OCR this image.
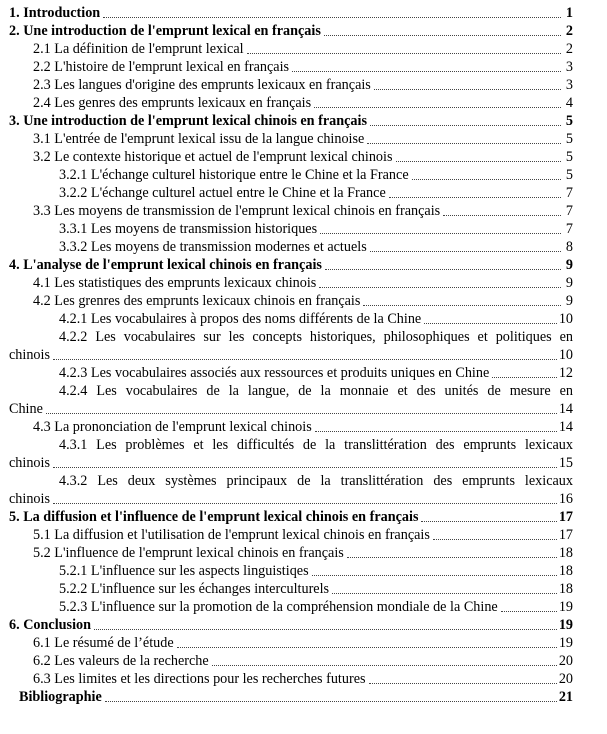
1. Introduction	1
2. Une introduction de l'emprunt lexical en français	2
2.1 La définition de l'emprunt lexical	2
2.2 L'histoire de l'emprunt lexical en français	3
2.3 Les langues d'origine des emprunts lexicaux en français	3
2.4 Les genres des emprunts lexicaux en français	4
3. Une introduction de l'emprunt lexical chinois en français	5
3.1 L'entrée de l'emprunt lexical issu de la langue chinoise	5
3.2 Le contexte historique et actuel de l'emprunt lexical chinois	5
3.2.1 L'échange culturel historique entre le Chine et la France	5
3.2.2 L'échange culturel actuel entre le Chine et la France	7
3.3 Les moyens de transmission de l'emprunt lexical chinois en français	7
3.3.1 Les moyens de transmission historiques	7
3.3.2 Les moyens de transmission modernes et actuels	8
4. L'analyse de l'emprunt lexical chinois en français	9
4.1 Les statistiques des emprunts lexicaux chinois	9
4.2 Les grenres des emprunts lexicaux chinois en français	9
4.2.1 Les vocabulaires à propos des noms différents de la Chine	10
4.2.2 Les vocabulaires sur les concepts historiques, philosophiques et politiques en
chinois	10
4.2.3 Les vocabulaires associés aux ressources et produits uniques en Chine	12
4.2.4 Les vocabulaires de la langue, de la monnaie et des unités de mesure en
Chine	14
4.3 La prononciation de l'emprunt lexical chinois	14
4.3.1 Les problèmes et les difficultés de la translittération des emprunts lexicaux
chinois	15
4.3.2 Les deux systèmes principaux de la translittération des emprunts lexicaux
chinois	16
5. La diffusion et l'influence de l'emprunt lexical chinois en français	17
5.1 La diffusion et l'utilisation de l'emprunt lexical chinois en français	17
5.2 L'influence de l'emprunt lexical chinois en français	18
5.2.1 L'influence sur les aspects linguistiqes	18
5.2.2 L'influence sur les échanges interculturels	18
5.2.3 L'influence sur la promotion de la compréhension mondiale de la Chine	19
6. Conclusion	19
6.1 Le résumé de l’étude	19
6.2 Les valeurs de la recherche	20
6.3 Les limites et les directions pour les recherches futures	20
Bibliographie	21
